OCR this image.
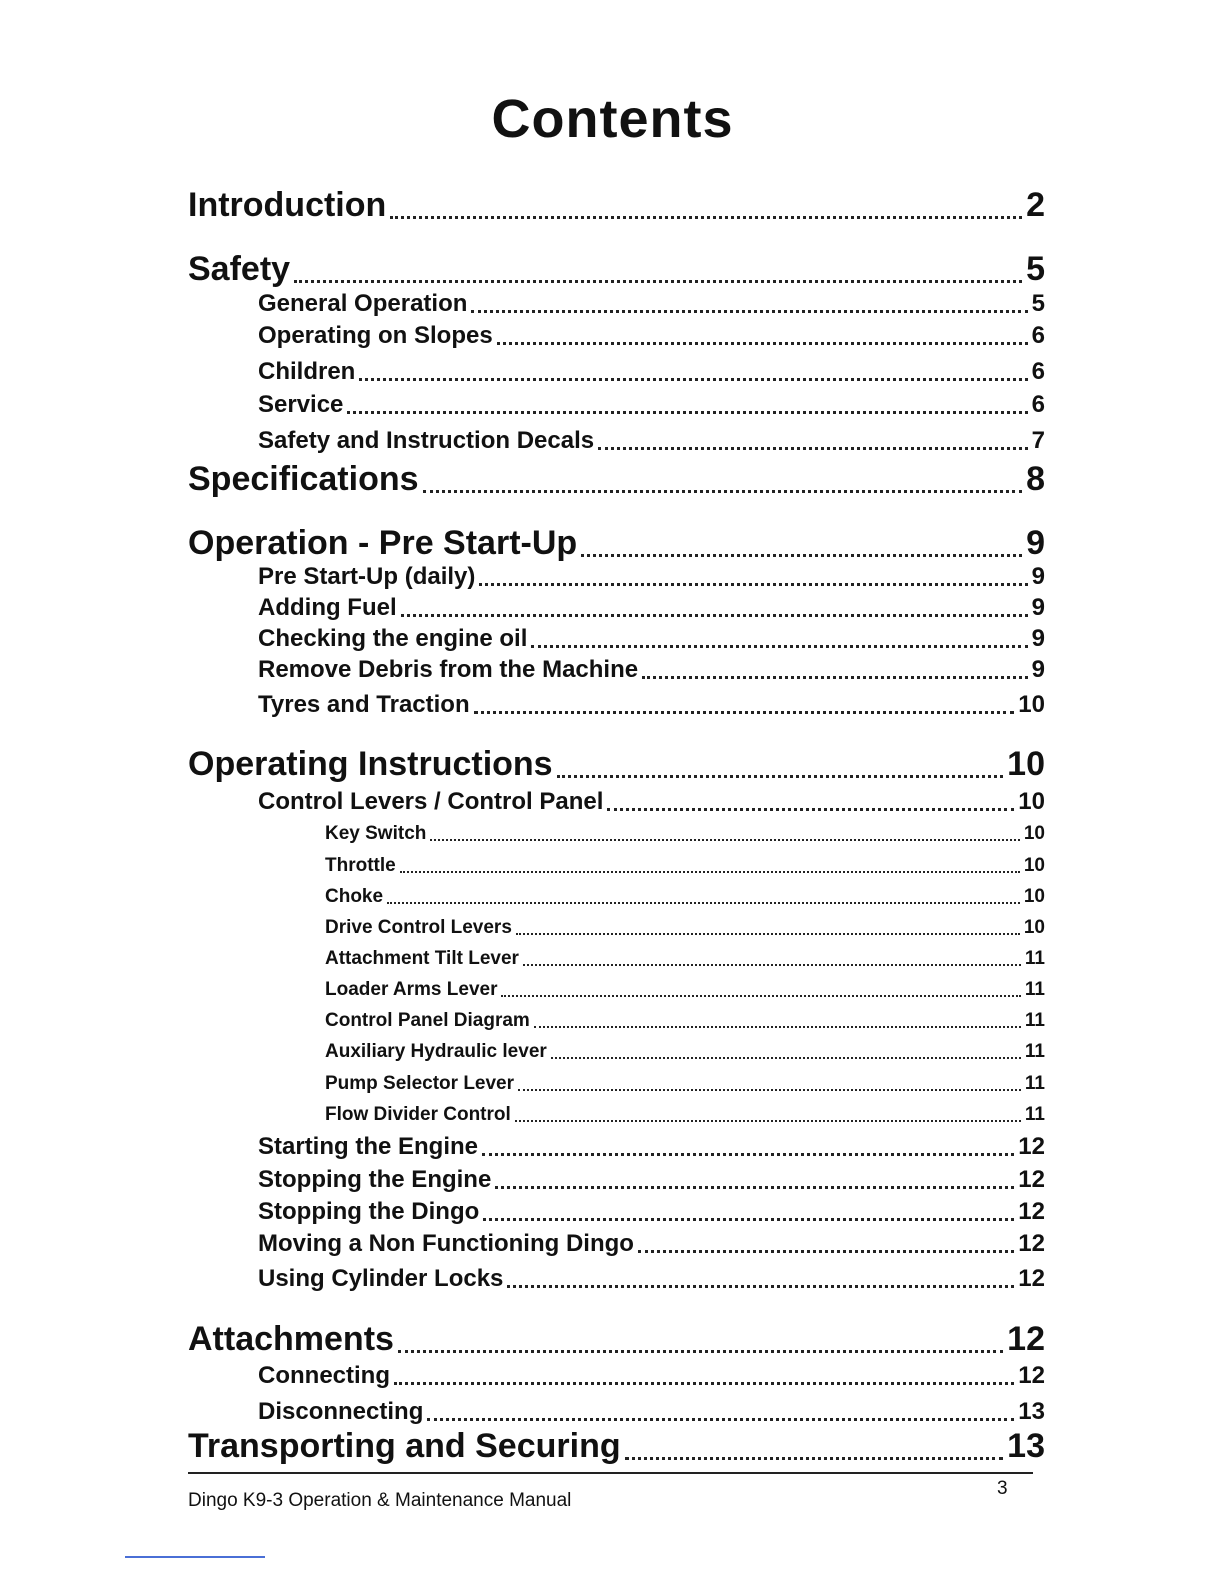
Contents
Introduction	2
Safety	5
General Operation	5
Operating on Slopes	6
Children	6
Service	6
Safety and Instruction Decals	7
Specifications	8
Operation - Pre Start-Up	9
Pre Start-Up (daily)	9
Adding Fuel	9
Checking the engine oil	9
Remove Debris from the Machine	9
Tyres and Traction	10
Operating Instructions	10
Control Levers / Control Panel	10
Key Switch	10
Throttle	10
Choke	10
Drive Control Levers	10
Attachment Tilt Lever	11
Loader Arms Lever	11
Control Panel Diagram	11
Auxiliary Hydraulic lever	11
Pump Selector Lever	11
Flow Divider Control	11
Starting the Engine	12
Stopping the Engine	12
Stopping the Dingo	12
Moving a Non Functioning Dingo	12
Using Cylinder Locks	12
Attachments	12
Connecting	12
Disconnecting	13
Transporting and Securing	13
Dingo K9-3 Operation & Maintenance Manual
3
